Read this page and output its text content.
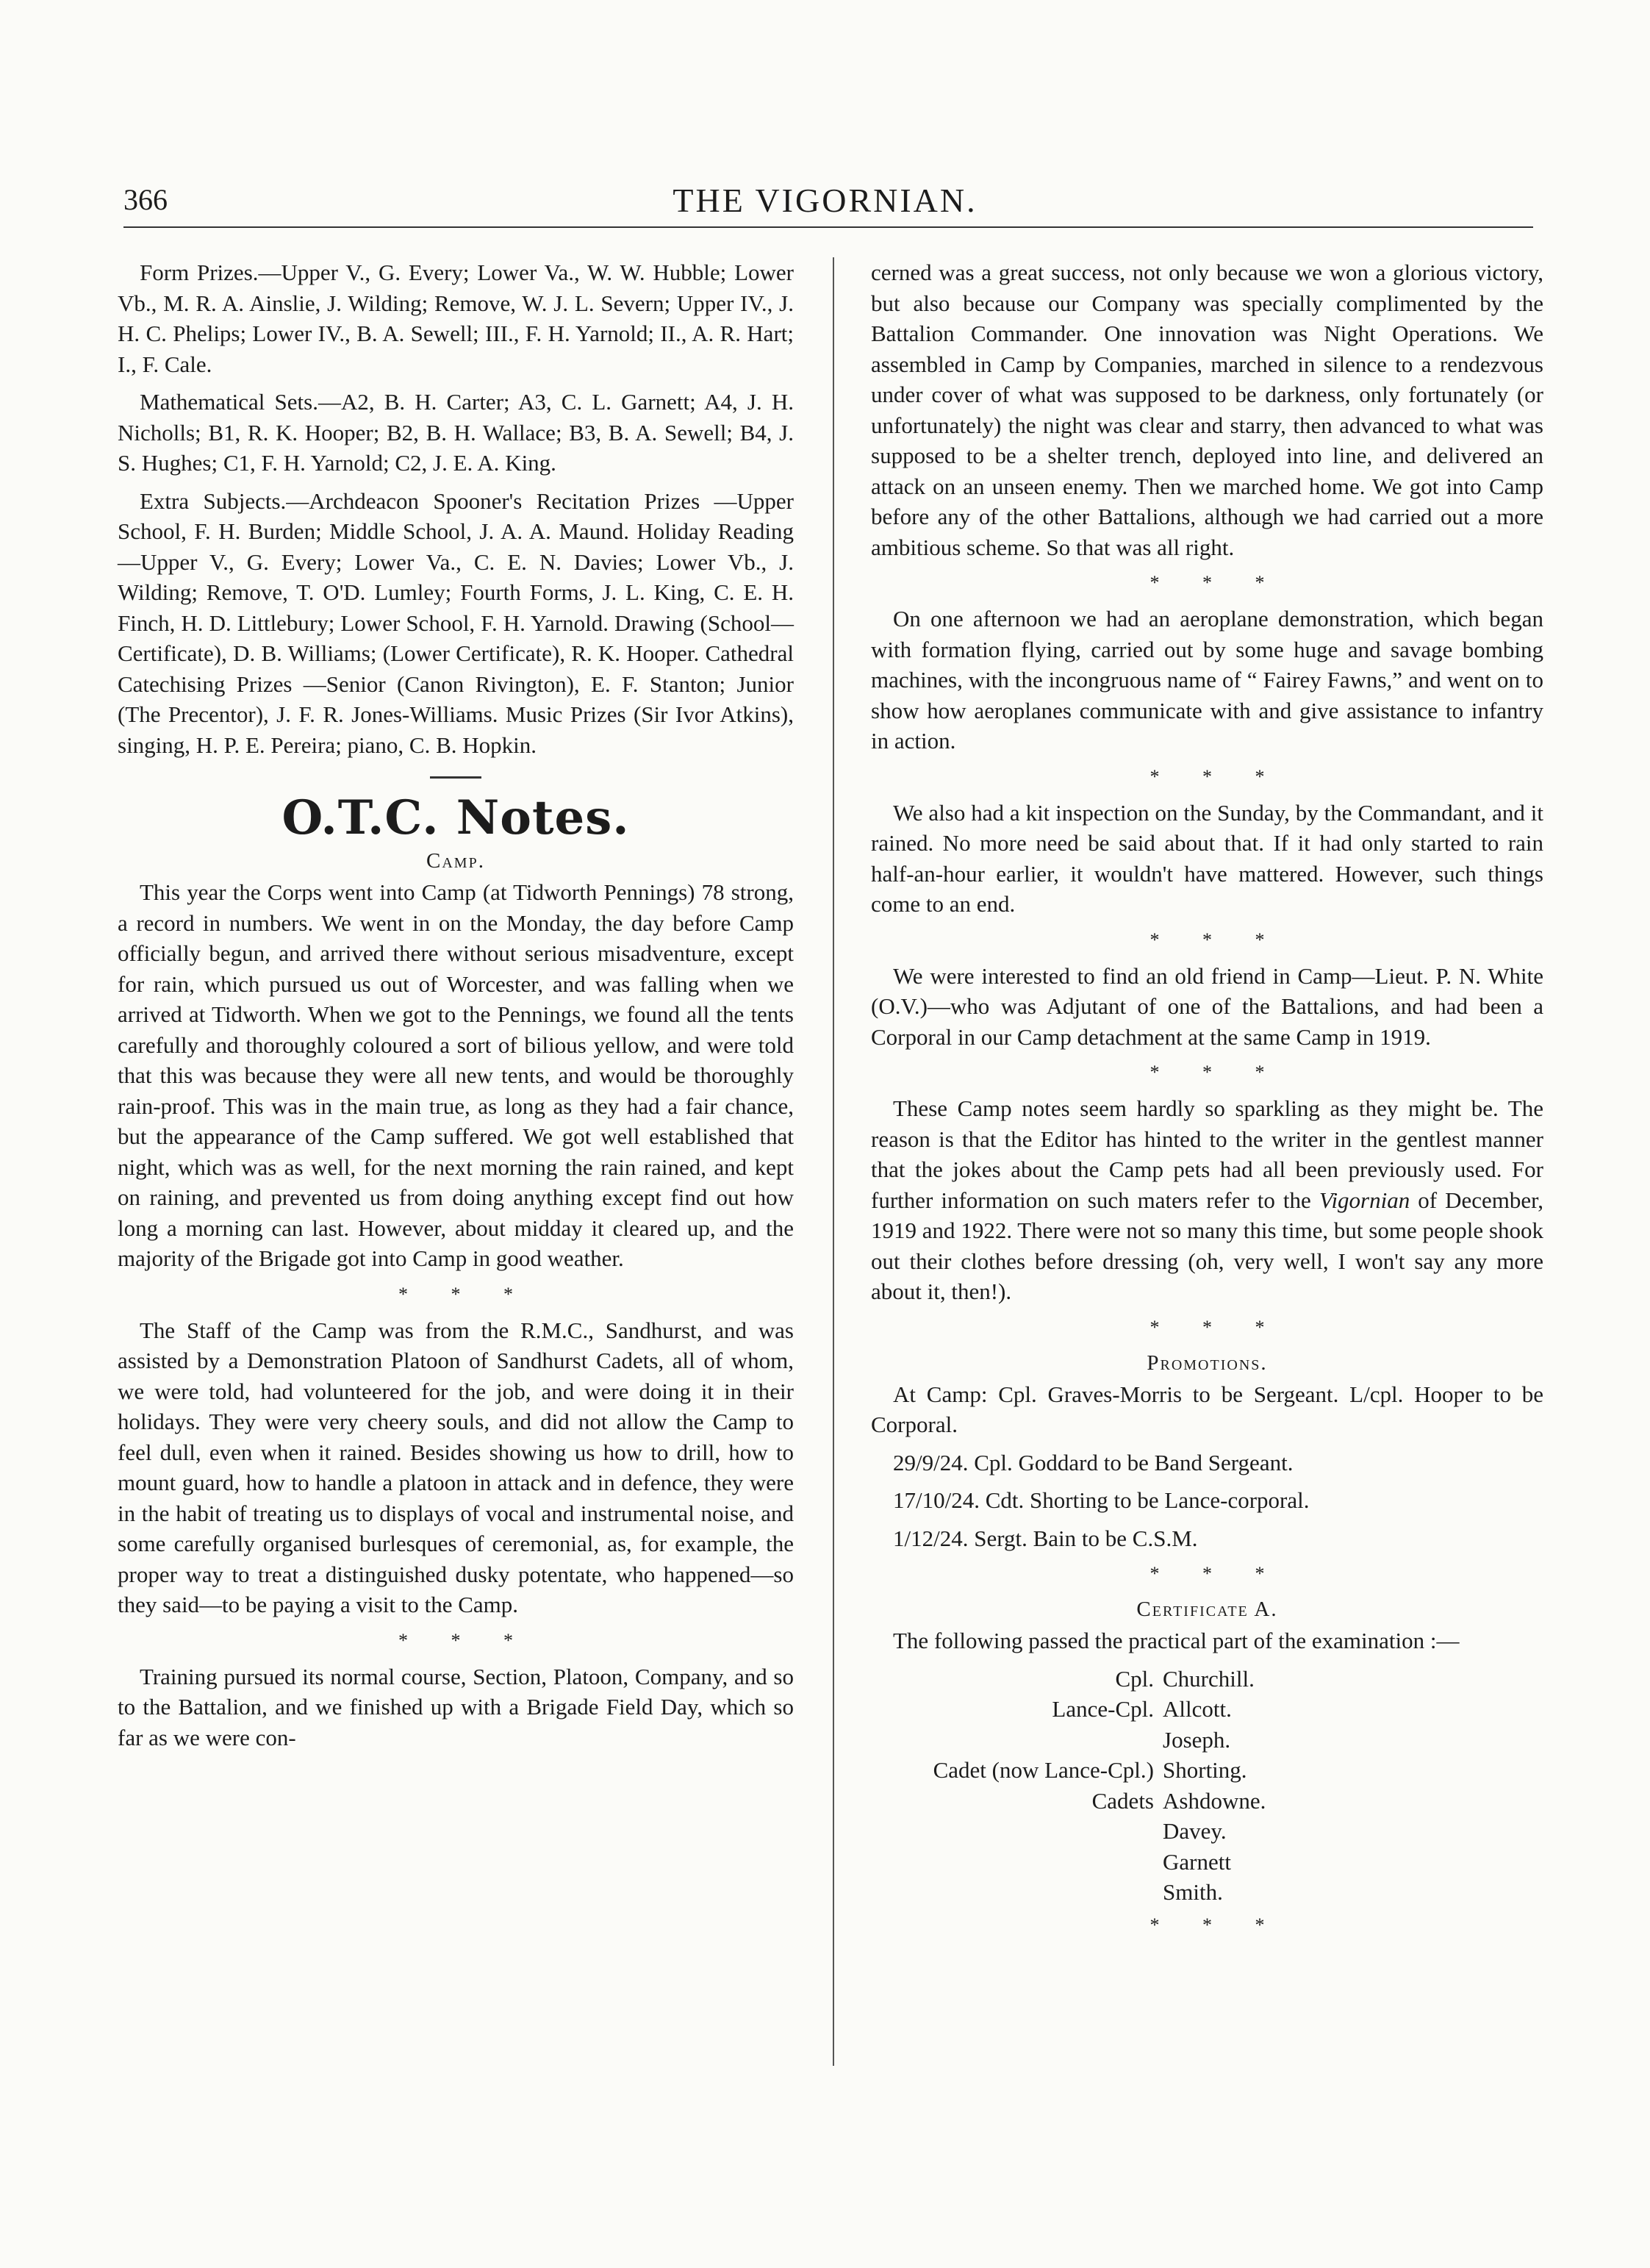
366	THE VIGORNIAN.

Form Prizes.—Upper V., G. Every; Lower Va., W. W. Hubble; Lower Vb., M. R. A. Ainslie, J. Wilding; Remove, W. J. L. Severn; Upper IV., J. H. C. Phelips; Lower IV., B. A. Sewell; III., F. H. Yarnold; II., A. R. Hart; I., F. Cale.

Mathematical Sets.—A2, B. H. Carter; A3, C. L. Garnett; A4, J. H. Nicholls; B1, R. K. Hooper; B2, B. H. Wallace; B3, B. A. Sewell; B4, J. S. Hughes; C1, F. H. Yarnold; C2, J. E. A. King.

Extra Subjects.—Archdeacon Spooner's Recitation Prizes —Upper School, F. H. Burden; Middle School, J. A. A. Maund. Holiday Reading—Upper V., G. Every; Lower Va., C. E. N. Davies; Lower Vb., J. Wilding; Remove, T. O'D. Lumley; Fourth Forms, J. L. King, C. E. H. Finch, H. D. Littlebury; Lower School, F. H. Yarnold. Drawing (School—Certificate), D. B. Williams; (Lower Certificate), R. K. Hooper. Cathedral Catechising Prizes —Senior (Canon Rivington), E. F. Stanton; Junior (The Precentor), J. F. R. Jones-Williams. Music Prizes (Sir Ivor Atkins), singing, H. P. E. Pereira; piano, C. B. Hopkin.

O.T.C. Notes.
Camp.

This year the Corps went into Camp (at Tidworth Pennings) 78 strong, a record in numbers. We went in on the Monday, the day before Camp officially begun, and arrived there without serious misadventure, except for rain, which pursued us out of Worcester, and was falling when we arrived at Tidworth. When we got to the Pennings, we found all the tents carefully and thoroughly coloured a sort of bilious yellow, and were told that this was because they were all new tents, and would be thoroughly rain-proof. This was in the main true, as long as they had a fair chance, but the appearance of the Camp suffered. We got well established that night, which was as well, for the next morning the rain rained, and kept on raining, and prevented us from doing anything except find out how long a morning can last. However, about midday it cleared up, and the majority of the Brigade got into Camp in good weather.

* * *

The Staff of the Camp was from the R.M.C., Sandhurst, and was assisted by a Demonstration Platoon of Sandhurst Cadets, all of whom, we were told, had volunteered for the job, and were doing it in their holidays. They were very cheery souls, and did not allow the Camp to feel dull, even when it rained. Besides showing us how to drill, how to mount guard, how to handle a platoon in attack and in defence, they were in the habit of treating us to displays of vocal and instrumental noise, and some carefully organised burlesques of ceremonial, as, for example, the proper way to treat a distinguished dusky potentate, who happened—so they said—to be paying a visit to the Camp.

* * *

Training pursued its normal course, Section, Platoon, Company, and so to the Battalion, and we finished up with a Brigade Field Day, which so far as we were con-

cerned was a great success, not only because we won a glorious victory, but also because our Company was specially complimented by the Battalion Commander. One innovation was Night Operations. We assembled in Camp by Companies, marched in silence to a rendezvous under cover of what was supposed to be darkness, only fortunately (or unfortunately) the night was clear and starry, then advanced to what was supposed to be a shelter trench, deployed into line, and delivered an attack on an unseen enemy. Then we marched home. We got into Camp before any of the other Battalions, although we had carried out a more ambitious scheme. So that was all right.

* * *

On one afternoon we had an aeroplane demonstration, which began with formation flying, carried out by some huge and savage bombing machines, with the incongruous name of “ Fairey Fawns,” and went on to show how aeroplanes communicate with and give assistance to infantry in action.

* * *

We also had a kit inspection on the Sunday, by the Commandant, and it rained. No more need be said about that. If it had only started to rain half-an-hour earlier, it wouldn't have mattered. However, such things come to an end.

* * *

We were interested to find an old friend in Camp—Lieut. P. N. White (O.V.)—who was Adjutant of one of the Battalions, and had been a Corporal in our Camp detachment at the same Camp in 1919.

* * *

These Camp notes seem hardly so sparkling as they might be. The reason is that the Editor has hinted to the writer in the gentlest manner that the jokes about the Camp pets had all been previously used. For further information on such maters refer to the Vigornian of December, 1919 and 1922. There were not so many this time, but some people shook out their clothes before dressing (oh, very well, I won't say any more about it, then!).

* * *
Promotions.

At Camp: Cpl. Graves-Morris to be Sergeant. L/cpl. Hooper to be Corporal.

29/9/24. Cpl. Goddard to be Band Sergeant.

17/10/24. Cdt. Shorting to be Lance-corporal.

1/12/24. Sergt. Bain to be C.S.M.

* * *
Certificate A.

The following passed the practical part of the examination :—

Cpl. Churchill.
Lance-Cpl. Allcott.
Joseph.
Cadet (now Lance-Cpl.) Shorting.
Cadets Ashdowne.
Davey.
Garnett
Smith.
* * *
